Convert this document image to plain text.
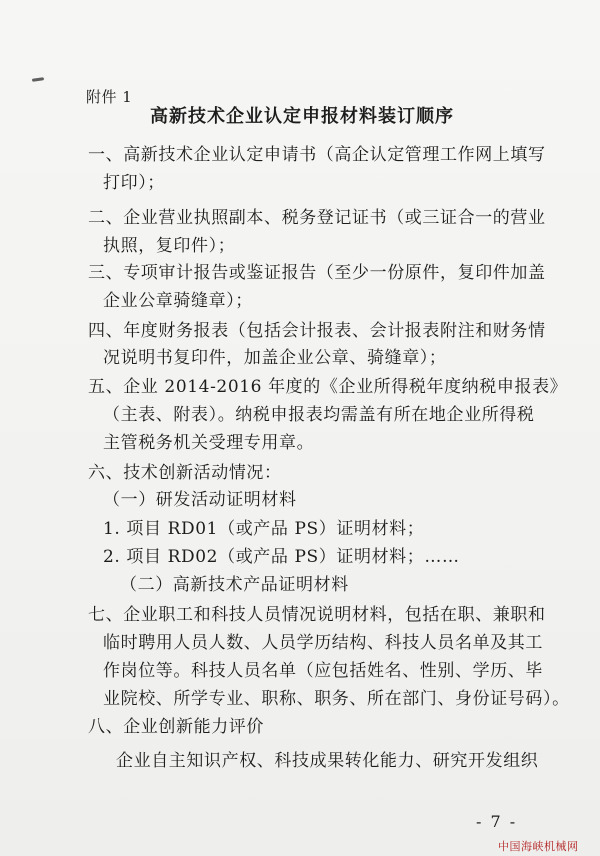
附件 1
高新技术企业认定申报材料装订顺序
一、高新技术企业认定申请书（高企认定管理工作网上填写
打印）；
二、企业营业执照副本、税务登记证书（或三证合一的营业
执照，复印件）；
三、专项审计报告或鉴证报告（至少一份原件，复印件加盖
企业公章骑缝章）；
四、年度财务报表（包括会计报表、会计报表附注和财务情
况说明书复印件，加盖企业公章、骑缝章）；
五、企业 2014-2016 年度的《企业所得税年度纳税申报表》
（主表、附表）。纳税申报表均需盖有所在地企业所得税
主管税务机关受理专用章。
六、技术创新活动情况：
（一）研发活动证明材料
1. 项目 RD01（或产品 PS）证明材料；
2. 项目 RD02（或产品 PS）证明材料；……
（二）高新技术产品证明材料
七、企业职工和科技人员情况说明材料，包括在职、兼职和
临时聘用人员人数、人员学历结构、科技人员名单及其工
作岗位等。科技人员名单（应包括姓名、性别、学历、毕
业院校、所学专业、职称、职务、所在部门、身份证号码）。
八、企业创新能力评价
企业自主知识产权、科技成果转化能力、研究开发组织
- 7 -
中国海峡机械网
